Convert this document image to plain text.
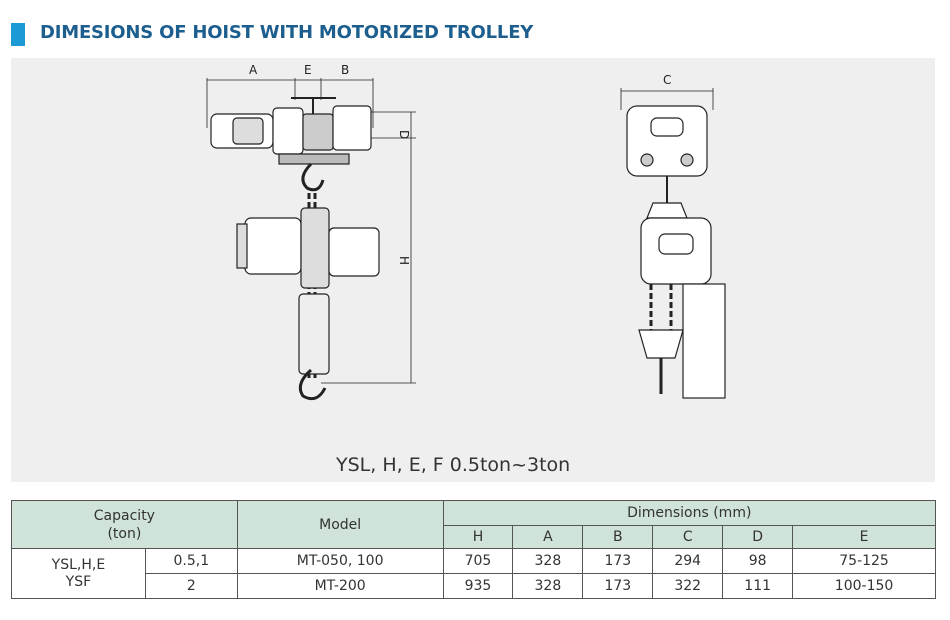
DIMESIONS OF HOIST WITH MOTORIZED TROLLEY
A	E B
D
H
C
YSL, H, E, F 0.5ton~3ton
Capacity
(ton)		Model	Dimensions (mm)					
			H	A	B	C	D	E

YSL,H,E
YSF	0.5,1	MT-050, 100	705	328	173	294	98	75-125
	2	MT-200	935	328	173	322	111	100-150
